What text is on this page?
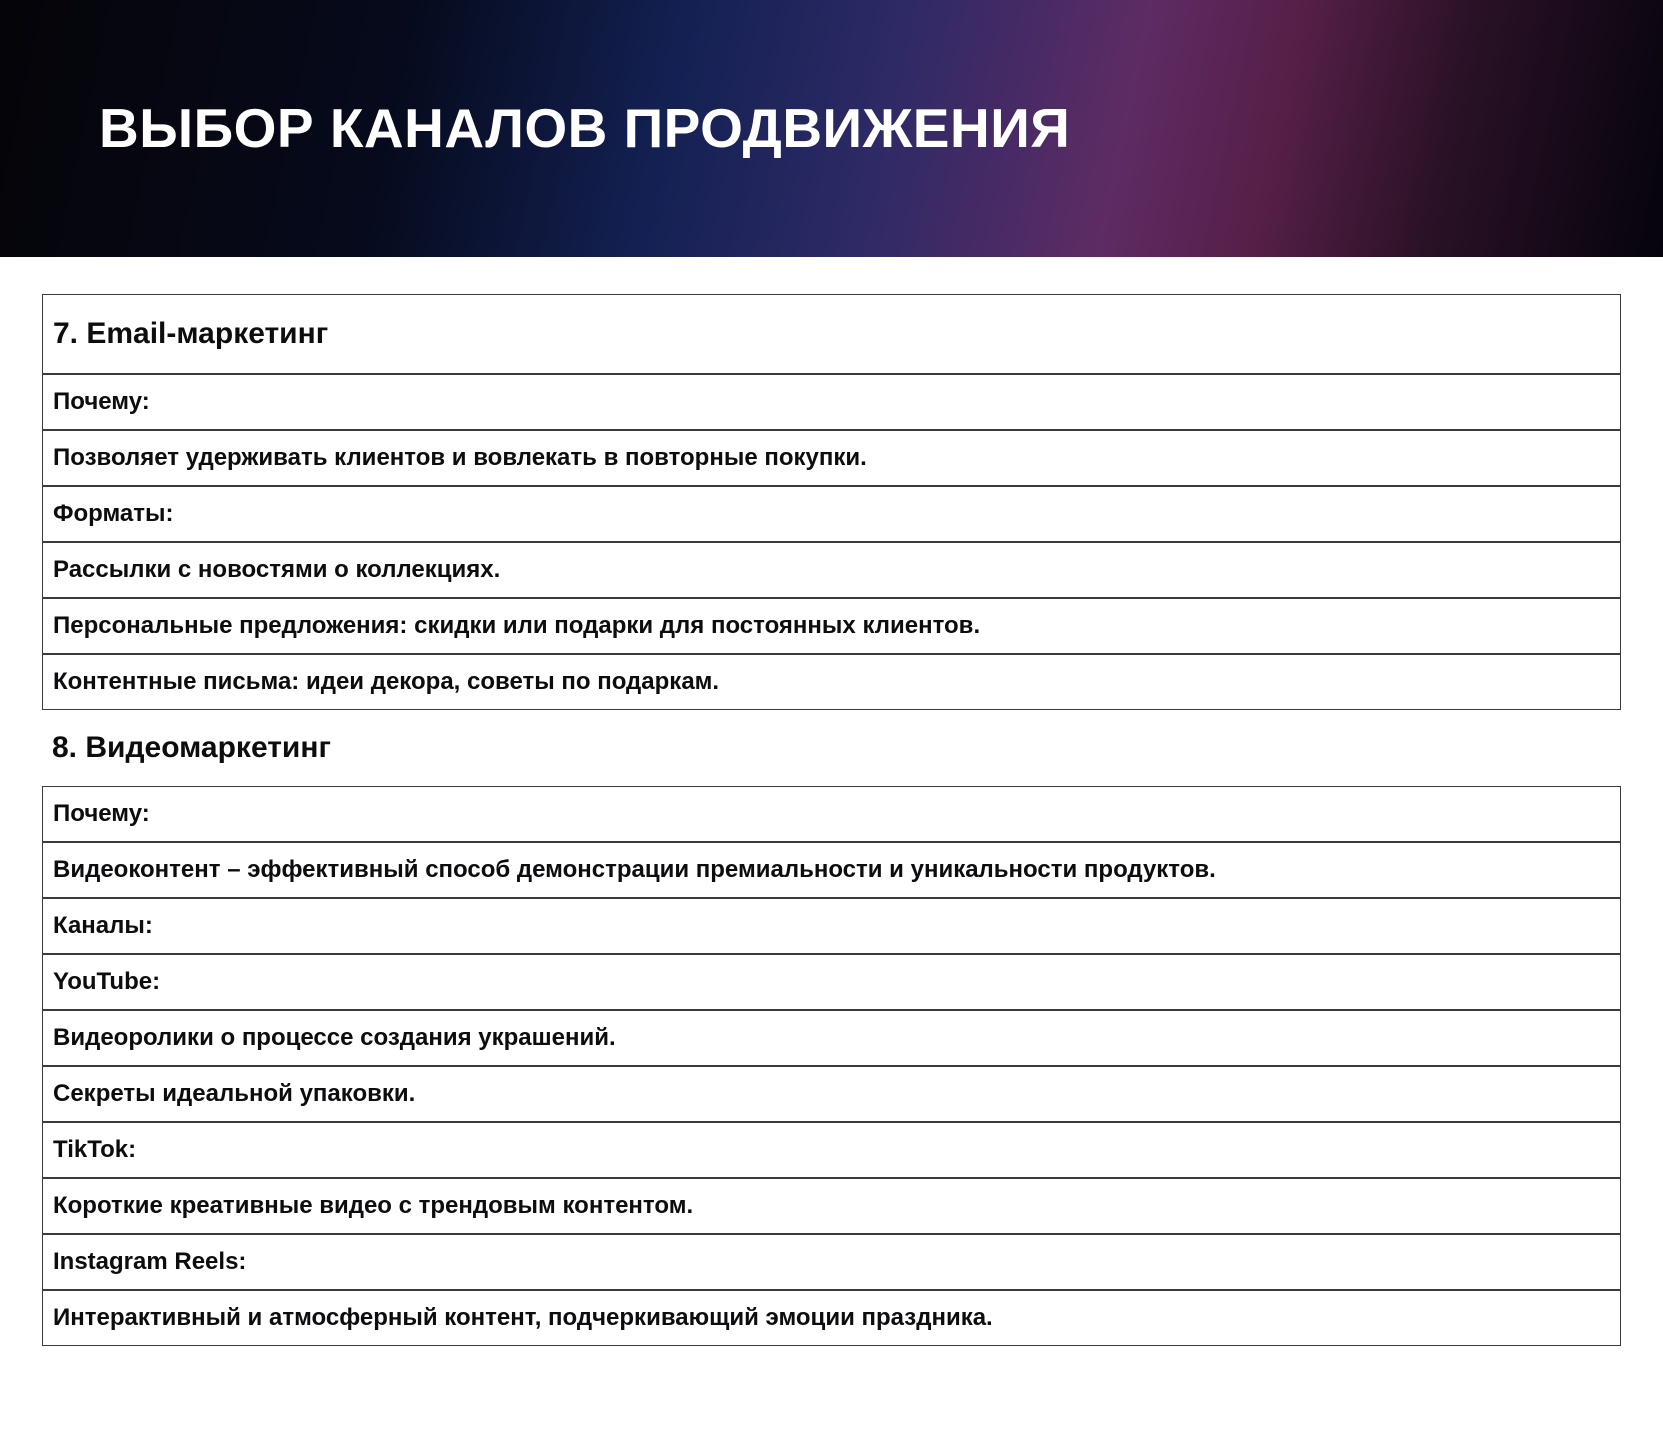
ВЫБОР КАНАЛОВ ПРОДВИЖЕНИЯ
7. Email-маркетинг
Почему:
Позволяет удерживать клиентов и вовлекать в повторные покупки.
Форматы:
Рассылки с новостями о коллекциях.
Персональные предложения: скидки или подарки для постоянных клиентов.
Контентные письма: идеи декора, советы по подаркам.
8. Видеомаркетинг
Почему:
Видеоконтент – эффективный способ демонстрации премиальности и уникальности продуктов.
Каналы:
YouTube:
Видеоролики о процессе создания украшений.
Секреты идеальной упаковки.
TikTok:
Короткие креативные видео с трендовым контентом.
Instagram Reels:
Интерактивный и атмосферный контент, подчеркивающий эмоции праздника.
